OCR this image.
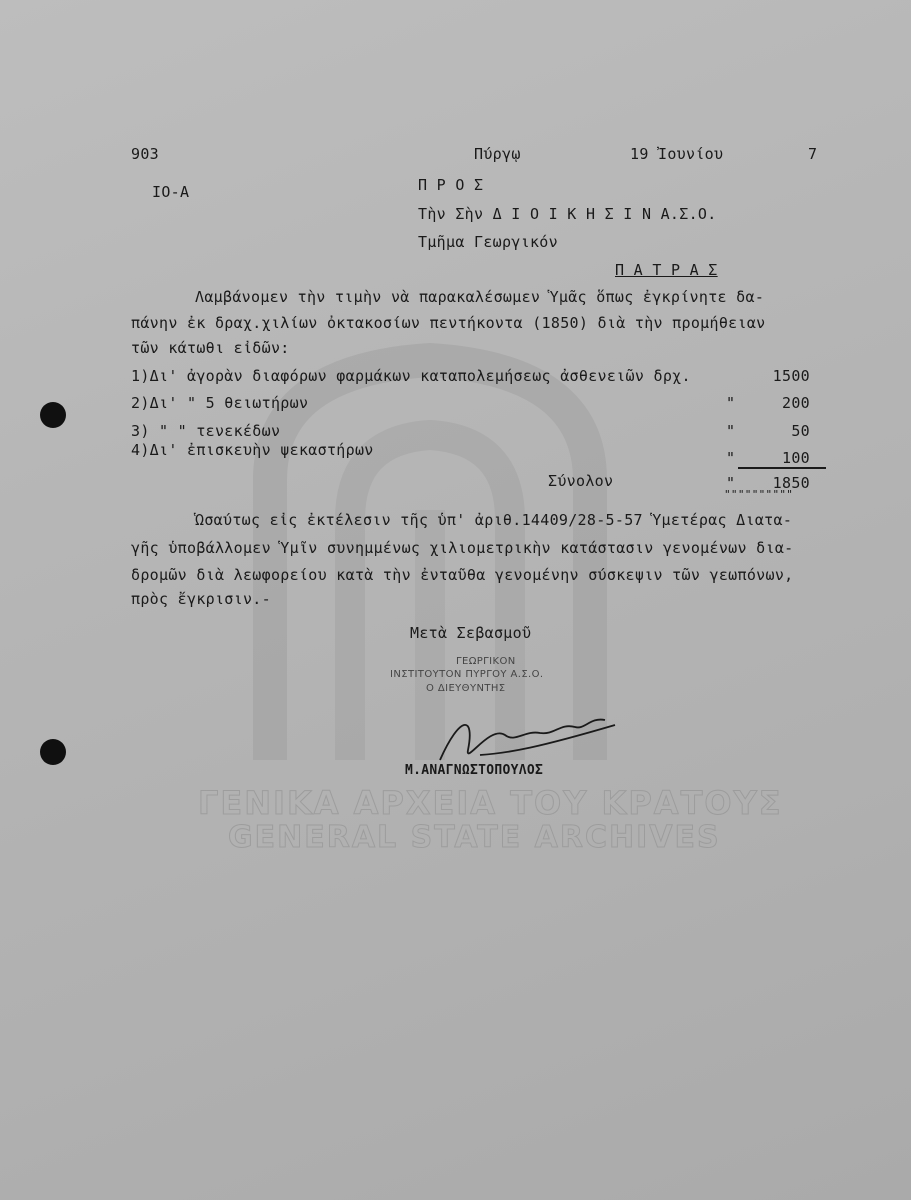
ΓΕΝΙΚΑ ΑΡΧΕΙΑ ΤΟΥ ΚΡΑΤΟΥΣ
GENERAL STATE ARCHIVES
903	Πύργῳ	19 Ἰουνίου	7
IO-A	Π Ρ Ο Σ
Τὴν Σὴν Δ Ι Ο Ι Κ Η Σ Ι Ν Α.Σ.Ο.
Τμῆμα Γεωργικόν
Π Α Τ Ρ Α Σ
Λαμβάνομεν τὴν τιμὴν νὰ παρακαλέσωμεν Ὑμᾶς ὅπως ἐγκρίνητε δα-
πάνην ἐκ δραχ.χιλίων ὀκτακοσίων πεντήκοντα (1850) διὰ τὴν προμήθειαν
τῶν κάτωθι εἰδῶν:
1)Δι' ἀγορὰν διαφόρων φαρμάκων καταπολεμήσεως ἀσθενειῶν δρχ.	1500
2)Δι' " 5 θειωτήρων	"	200
3) " " τενεκέδων	"	50
4)Δι' ἐπισκευὴν ψεκαστήρων	"	100
Σύνολον	"	1850
""""""""""
Ὡσαύτως εἰς ἐκτέλεσιν τῆς ὑπ' ἀριθ.14409/28-5-57 Ὑμετέρας Διατα-
γῆς ὑποβάλλομεν Ὑμῖν συνημμένως χιλιομετρικὴν κατάστασιν γενομένων δια-
δρομῶν διὰ λεωφορείου κατὰ τὴν ἐνταῦθα γενομένην σύσκεψιν τῶν γεωπόνων,
πρὸς ἔγκρισιν.-
Μετὰ Σεβασμοῦ
ΓΕΩΡΓΙΚΟΝ
ΙΝΣΤΙΤΟΥΤΟΝ ΠΥΡΓΟΥ Α.Σ.Ο.
Ο ΔΙΕΥΘΥΝΤΗΣ
Μ.ΑΝΑΓΝΩΣΤΟΠΟΥΛΟΣ
